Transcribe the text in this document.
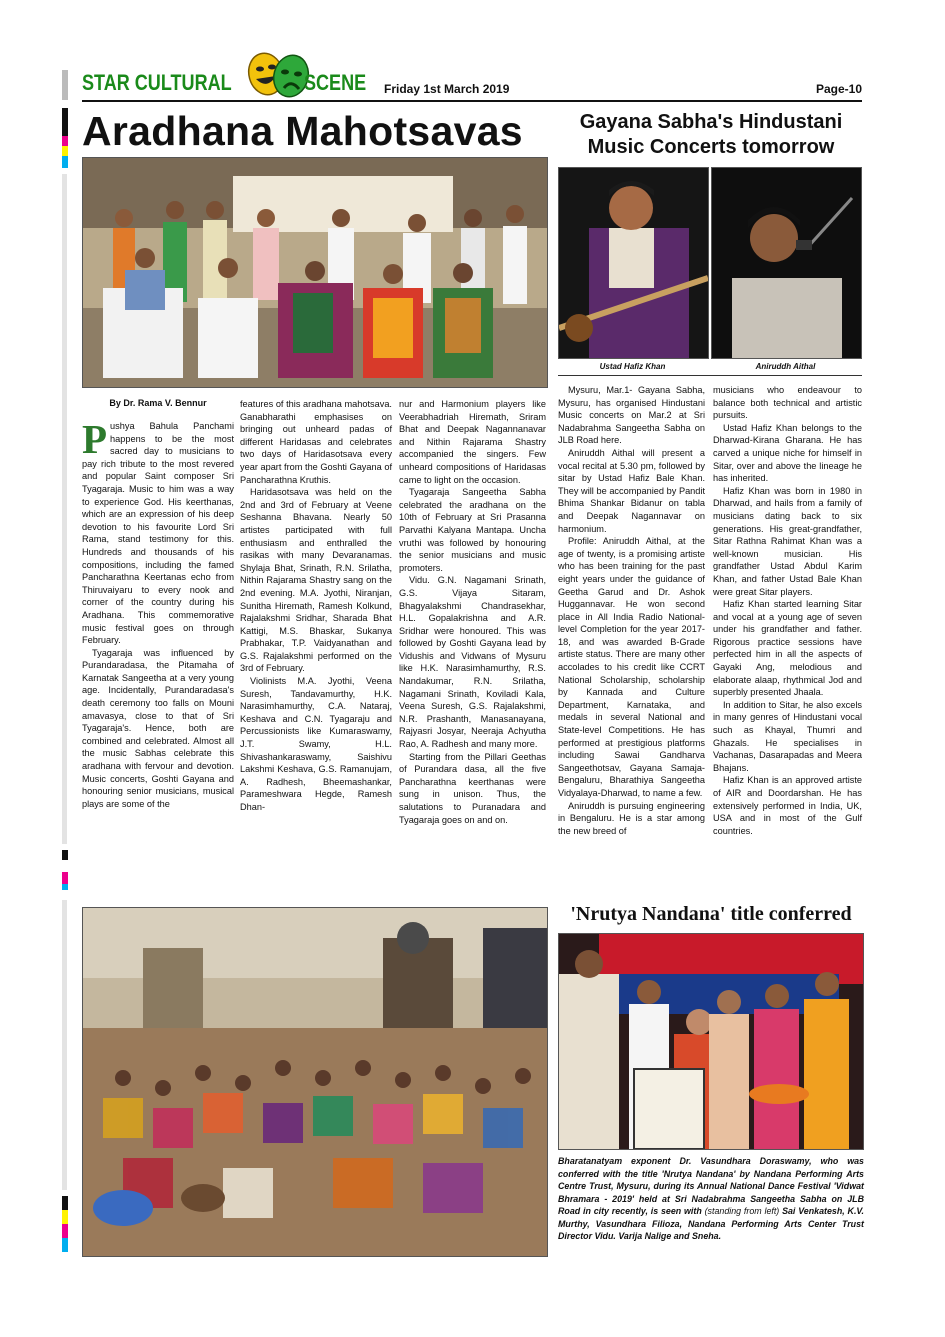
STAR CULTURAL	SCENE Friday 1st March 2019	Page-10
Aradhana Mahotsavas	Gayana Sabha's Hindustani Music Concerts tomorrow
Ustad Hafiz Khan	Aniruddh Aithal
By Dr. Rama V. Bennur

Pushya Bahula Panchami happens to be the most sacred day to musicians to pay rich tribute to the most revered and popular Saint composer Sri Tyagaraja. Music to him was a way to experience God. His keerthanas, which are an expression of his deep devotion to his favourite Lord Sri Rama, stand testimony for this. Hundreds and thousands of his compositions, including the famed Pancharathna Keertanas echo from Thiruvaiyaru to every nook and corner of the country during his Aradhana. This commemorative music festival goes on through February.

Tyagaraja was influenced by Purandaradasa, the Pitamaha of Karnatak Sangeetha at a very young age. Incidentally, Purandaradasa's death ceremony too falls on Mouni amavasya, close to that of Sri Tyagaraja's. Hence, both are combined and celebrated. Almost all the music Sabhas celebrate this aradhana with fervour and devotion. Music concerts, Goshti Gayana and honouring senior musicians, musical plays are some of the

features of this aradhana mahotsava. Ganabharathi emphasises on bringing out unheard padas of different Haridasas and celebrates two days of Haridasotsava every year apart from the Goshti Gayana of Pancharathna Kruthis.

Haridasotsava was held on the 2nd and 3rd of February at Veene Seshanna Bhavana. Nearly 50 artistes participated with full enthusiasm and enthralled the rasikas with many Devaranamas. Shylaja Bhat, Srinath, R.N. Srilatha, Nithin Rajarama Shastry sang on the 2nd evening. M.A. Jyothi, Niranjan, Sunitha Hiremath, Ramesh Kolkund, Rajalakshmi Sridhar, Sharada Bhat Kattigi, M.S. Bhaskar, Sukanya Prabhakar, T.P. Vaidyanathan and G.S. Rajalakshmi performed on the 3rd of February.

Violinists M.A. Jyothi, Veena Suresh, Tandavamurthy, H.K. Narasimhamurthy, C.A. Nataraj, Keshava and C.N. Tyagaraju and Percussionists like Kumaraswamy, J.T. Swamy, H.L. Shivashankaraswamy, Saishivu Lakshmi Keshava, G.S. Ramanujam, A. Radhesh, Bheemashankar, Parameshwara Hegde, Ramesh Dhan-

nur and Harmonium players like Veerabhadriah Hiremath, Sriram Bhat and Deepak Nagannanavar and Nithin Rajarama Shastry accompanied the singers. Few unheard compositions of Haridasas came to light on the occasion.

Tyagaraja Sangeetha Sabha celebrated the aradhana on the 10th of February at Sri Prasanna Parvathi Kalyana Mantapa. Uncha vruthi was followed by honouring the senior musicians and music promoters.

Vidu. G.N. Nagamani Srinath, G.S. Vijaya Sitaram, Bhagyalakshmi Chandrasekhar, H.L. Gopalakrishna and A.R. Sridhar were honoured. This was followed by Goshti Gayana lead by Vidushis and Vidwans of Mysuru like H.K. Narasimhamurthy, R.S. Nandakumar, R.N. Srilatha, Nagamani Srinath, Koviladi Kala, Veena Suresh, G.S. Rajalakshmi, N.R. Prashanth, Manasanayana, Rajyasri Josyar, Neeraja Achyutha Rao, A. Radhesh and many more.

Starting from the Pillari Geethas of Purandara dasa, all the five Pancharathna keerthanas were sung in unison. Thus, the salutations to Puranadara and Tyagaraja goes on and on.

Mysuru, Mar.1- Gayana Sabha, Mysuru, has organised Hindustani Music concerts on Mar.2 at Sri Nadabrahma Sangeetha Sabha on JLB Road here.

Aniruddh Aithal will present a vocal recital at 5.30 pm, followed by sitar by Ustad Hafiz Bale Khan. They will be accompanied by Pandit Bhima Shankar Bidanur on tabla and Deepak Nagannavar on harmonium.

Profile: Aniruddh Aithal, at the age of twenty, is a promising artiste who has been training for the past eight years under the guidance of Geetha Garud and Dr. Ashok Huggannavar. He won second place in All India Radio National-level Completion for the year 2017-18, and was awarded B-Grade artiste status. There are many other accolades to his credit like CCRT National Scholarship, scholarship by Kannada and Culture Department, Karnataka, and medals in several National and State-level Competitions. He has performed at prestigious platforms including Sawai Gandharva Sangeethotsav, Gayana Samaja-Bengaluru, Bharathiya Sangeetha Vidyalaya-Dharwad, to name a few.

Aniruddh is pursuing engineering in Bengaluru. He is a star among the new breed of

musicians who endeavour to balance both technical and artistic pursuits.

Ustad Hafiz Khan belongs to the Dharwad-Kirana Gharana. He has carved a unique niche for himself in Sitar, over and above the lineage he has inherited.

Hafiz Khan was born in 1980 in Dharwad, and hails from a family of musicians dating back to six generations. His great-grandfather, Sitar Rathna Rahimat Khan was a well-known musician. His grandfather Ustad Abdul Karim Khan, and father Ustad Bale Khan were great Sitar players.

Hafiz Khan started learning Sitar and vocal at a young age of seven under his grandfather and father. Rigorous practice sessions have perfected him in all the aspects of Gayaki Ang, melodious and elaborate alaap, rhythmical Jod and superbly presented Jhaala.

In addition to Sitar, he also excels in many genres of Hindustani vocal such as Khayal, Thumri and Ghazals. He specialises in Vachanas, Dasarapadas and Meera Bhajans.

Hafiz Khan is an approved artiste of AIR and Doordarshan. He has extensively performed in India, UK, USA and in most of the Gulf countries.

'Nrutya Nandana' title conferred
Bharatanatyam exponent Dr. Vasundhara Doraswamy, who was conferred with the title 'Nrutya Nandana' by Nandana Performing Arts Centre Trust, Mysuru, during its Annual National Dance Festival 'Vidwat Bhramara - 2019' held at Sri Nadabrahma Sangeetha Sabha on JLB Road in city recently, is seen with (standing from left) Sai Venkatesh, K.V. Murthy, Vasundhara Filioza, Nandana Performing Arts Center Trust Director Vidu. Varija Nalige and Sneha.
